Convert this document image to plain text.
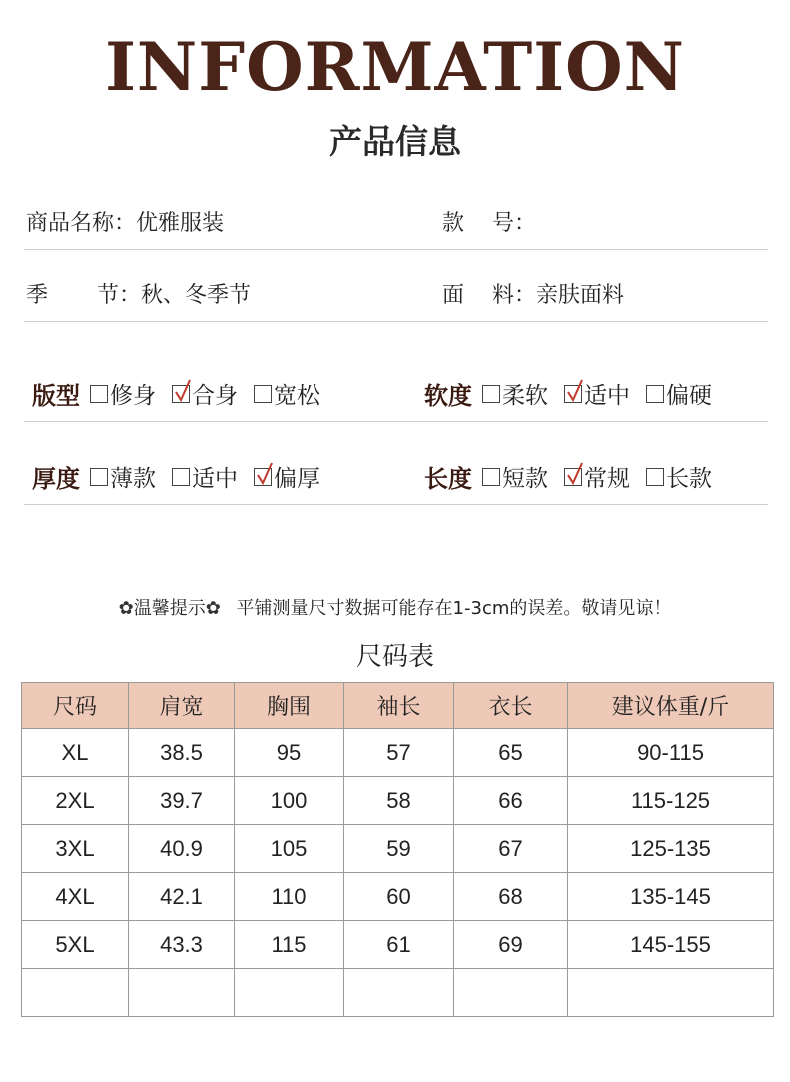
INFORMATION
产品信息
商品名称：优雅服装	款    号：
季       节：秋、冬季节	面    料：亲肤面料
版型 修身 合身 宽松	软度 柔软 适中 偏硬
厚度 薄款 适中 偏厚	长度 短款 常规 长款
✿温馨提示✿ 平铺测量尺寸数据可能存在1-3cm的误差。敬请见谅！
尺码表
尺码	肩宽	胸围	袖长	衣长	建议体重/斤
XL	38.5	95	57	65	90-115
2XL	39.7	100	58	66	115-125
3XL	40.9	105	59	67	125-135
4XL	42.1	110	60	68	135-145
5XL	43.3	115	61	69	145-155
